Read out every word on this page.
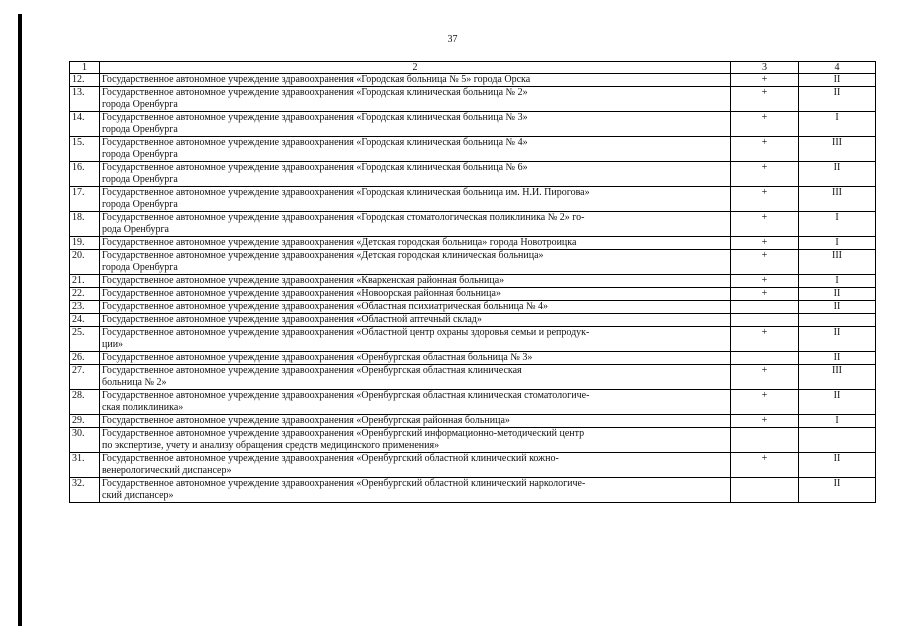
37
1	2	3	4
12.	Государственное автономное учреждение здравоохранения «Городская больница № 5» города Орска	+	II
13.	Государственное автономное учреждение здравоохранения «Городская клиническая больница № 2»
города Оренбурга	+	II
14.	Государственное автономное учреждение здравоохранения «Городская клиническая больница № 3»
города Оренбурга	+	I
15.	Государственное автономное учреждение здравоохранения «Городская клиническая больница № 4»
города Оренбурга	+	III
16.	Государственное автономное учреждение здравоохранения «Городская клиническая больница № 6»
города Оренбурга	+	II
17.	Государственное автономное учреждение здравоохранения «Городская клиническая больница им. Н.И. Пирогова»
города Оренбурга	+	III
18.	Государственное автономное учреждение здравоохранения «Городская стоматологическая поликлиника № 2» го-
рода Оренбурга	+	I
19.	Государственное автономное учреждение здравоохранения «Детская городская больница» города Новотроицка	+	I
20.	Государственное автономное учреждение здравоохранения «Детская городская клиническая больница»
города Оренбурга	+	III
21.	Государственное автономное учреждение здравоохранения «Кваркенская районная больница»	+	I
22.	Государственное автономное учреждение здравоохранения «Новоорская районная больница»	+	II
23.	Государственное автономное учреждение здравоохранения «Областная психиатрическая больница № 4»		II
24.	Государственное автономное учреждение здравоохранения «Областной аптечный склад»		
25.	Государственное автономное учреждение здравоохранения «Областной центр охраны здоровья семьи и репродук-
ции»	+	II
26.	Государственное автономное учреждение здравоохранения «Оренбургская областная больница № 3»		II
27.	Государственное автономное учреждение здравоохранения «Оренбургская областная клиническая
больница № 2»	+	III
28.	Государственное автономное учреждение здравоохранения «Оренбургская областная клиническая стоматологиче-
ская поликлиника»	+	II
29.	Государственное автономное учреждение здравоохранения «Оренбургская районная больница»	+	I
30.	Государственное автономное учреждение здравоохранения «Оренбургский информационно-методический центр
по экспертизе, учету и анализу обращения средств медицинского применения»		
31.	Государственное автономное учреждение здравоохранения «Оренбургский областной клинический кожно-
венерологический диспансер»	+	II
32.	Государственное автономное учреждение здравоохранения «Оренбургский областной клинический наркологиче-
ский диспансер»		II
